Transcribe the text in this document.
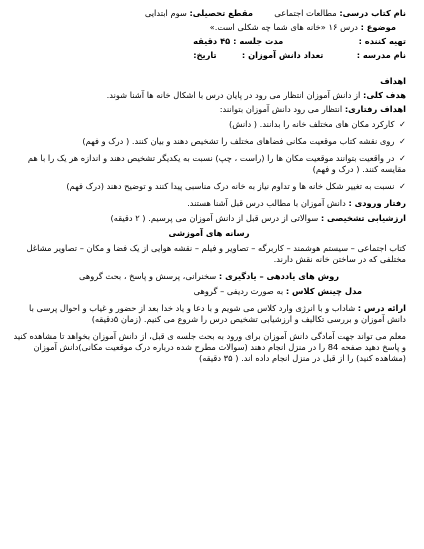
نام کتاب درسی: مطالعات اجتماعی  مقطع تحصیلی: سوم ابتدایی
موضوع : درس ۱۶ «خانه های شما چه شکلی است.»
تهیه کننده :  مدت جلسه : ۴۵ دقیقه
نام مدرسه :  تعداد دانش آموزان :  تاریخ:
اهداف
هدف کلی: از دانش آموزان انتظار می رود در پایان درس با اشکال خانه ها آشنا شوند.
اهداف رفتاری: انتظار می رود دانش آموزان بتوانند:
✓ کارکرد مکان های مختلف خانه را بدانند. ( دانش)
✓ روی نقشه کتاب موقعیت مکانی فضاهای مختلف را تشخیص دهند و بیان کنند. ( درک و فهم)
✓ در واقعیت بتوانند موقعیت مکان ها را (راست ، چپ) نسبت به یکدیگر تشخیص دهند و اندازه هر یک را با هم مقایسه کنند. ( درک و فهم)
✓ نسبت به تغییر شکل خانه ها و تداوم نیاز به خانه درک مناسبی پیدا کنند و توضیح دهند (درک فهم)
رفتار ورودی : دانش آموزان با مطالب درس قبل آشنا هستند.
ارزشیابی تشخیصی : سوالاتی از درس قبل از دانش آموزان می پرسیم. ( ۲ دقیقه)
رسانه های آموزشی
کتاب اجتماعی – سیستم هوشمند – کاربرگه – تصاویر و فیلم – نقشه هوایی از یک فضا و مکان – تصاویر مشاغل مختلفی که در ساختن خانه نقش دارند.
روش های یاددهی – یادگیری : سخنرانی، پرسش و پاسخ ، بحث گروهی
مدل چینش کلاس : به صورت ردیفی – گروهی
ارائه درس : شاداب و با انرژی وارد کلاس می شویم و با دعا و یاد خدا بعد از حضور و غیاب و احوال پرسی با دانش آموزان و بررسی تکالیف و ارزشیابی تشخیص درس را شروع می کنیم. (زمان ۵دقیقه)
معلم می تواند جهت آمادگی دانش آموزان برای ورود به بحث جلسه ی قبل، از دانش آموزان بخواهد تا مشاهده کنید و پاسخ دهید صفحه 84 را در منزل انجام دهند (سوالات مطرح شده درباره درک موقعیت مکانی)دانش آموزان (مشاهده کنید) را از قبل در منزل انجام داده اند. ( ۳۵ دقیقه)
